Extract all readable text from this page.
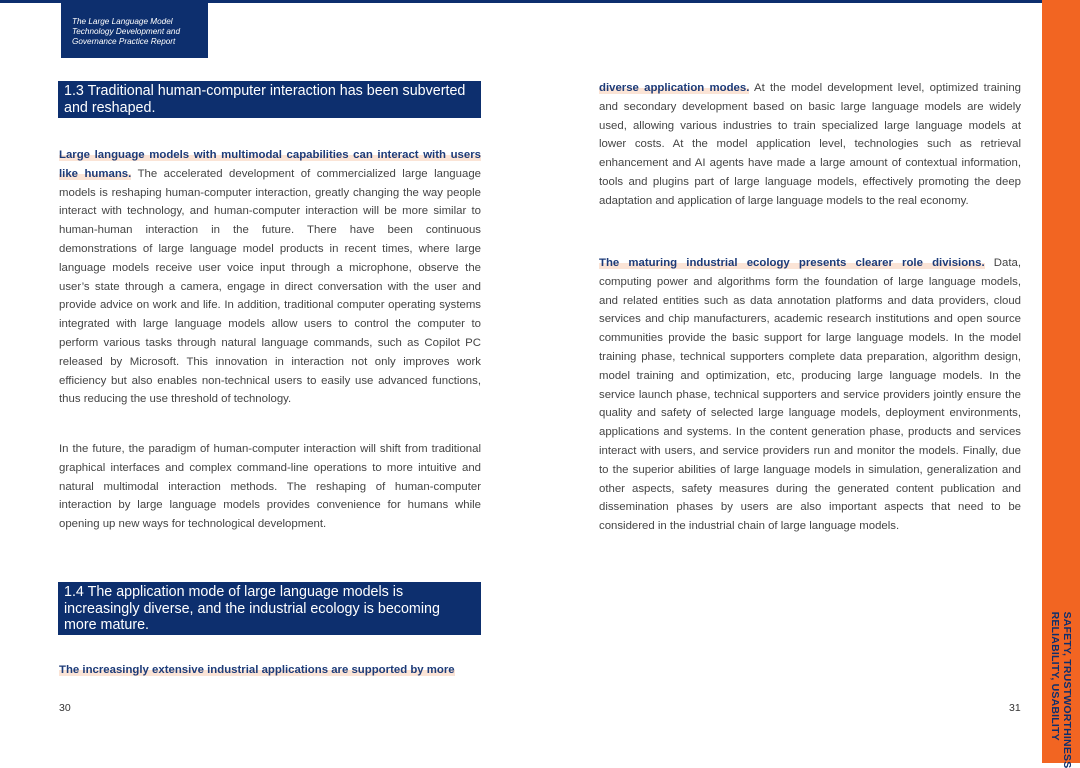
The Large Language Model Technology Development and Governance Practice Report
SAFETY, TRUSTWORTHINESS
RELIABILITY, USABILITY
1.3 Traditional human-computer interaction has been subverted and reshaped.

Large language models with multimodal capabilities can interact with users like humans. The accelerated development of commercialized large language models is reshaping human-computer interaction, greatly changing the way people interact with technology, and human-computer interaction will be more similar to human-human interaction in the future. There have been continuous demonstrations of large language model products in recent times, where large language models receive user voice input through a microphone, observe the user’s state through a camera, engage in direct conversation with the user and provide advice on work and life. In addition, traditional computer operating systems integrated with large language models allow users to control the computer to perform various tasks through natural language commands, such as Copilot PC released by Microsoft. This innovation in interaction not only improves work efficiency but also enables non-technical users to easily use advanced functions, thus reducing the use threshold of technology.

In the future, the paradigm of human-computer interaction will shift from traditional graphical interfaces and complex command-line operations to more intuitive and natural multimodal interaction methods. The reshaping of human-computer interaction by large language models provides convenience for humans while opening up new ways for technological development.

1.4 The application mode of large language models is increasingly diverse, and the industrial ecology is becoming more mature.

The increasingly extensive industrial applications are supported by more

30

diverse application modes. At the model development level, optimized training and secondary development based on basic large language models are widely used, allowing various industries to train specialized large language models at lower costs. At the model application level, technologies such as retrieval enhancement and AI agents have made a large amount of contextual information, tools and plugins part of large language models, effectively promoting the deep adaptation and application of large language models to the real economy.

The maturing industrial ecology presents clearer role divisions. Data, computing power and algorithms form the foundation of large language models, and related entities such as data annotation platforms and data providers, cloud services and chip manufacturers, academic research institutions and open source communities provide the basic support for large language models. In the model training phase, technical supporters complete data preparation, algorithm design, model training and optimization, etc, producing large language models. In the service launch phase, technical supporters and service providers jointly ensure the quality and safety of selected large language models, deployment environments, applications and systems. In the content generation phase, products and services interact with users, and service providers run and monitor the models. Finally, due to the superior abilities of large language models in simulation, generalization and other aspects, safety measures during the generated content publication and dissemination phases by users are also important aspects that need to be considered in the industrial chain of large language models.

31
